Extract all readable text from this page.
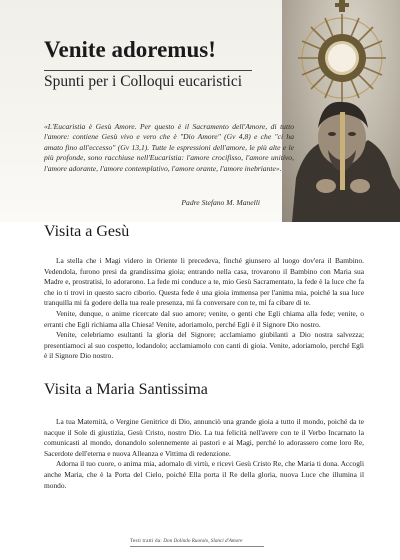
Venite adoremus!
Spunti per i Colloqui eucaristici
«L'Eucaristia è Gesù Amore. Per questo è il Sacramento dell'Amore, di tutto l'amore: contiene Gesù vivo e vero che è "Dio Amore" (Gv 4,8) e che "ci ha amato fino all'eccesso" (Gv 13,1). Tutte le espressioni dell'amore, le più alte e le più profonde, sono racchiuse nell'Eucaristia: l'amore crocifisso, l'amore unitivo, l'amore adorante, l'amore contemplativo, l'amore orante, l'amore inebriante».
Padre Stefano M. Manelli
Visita a Gesù

La stella che i Magi videro in Oriente li precedeva, finché giunsero al luogo dov'era il Bambino. Vedendola, furono presi da grandissima gioia; entrando nella casa, trovarono il Bambino con Maria sua Madre e, prostratisi, lo adorarono. La fede mi conduce a te, mio Gesù Sacramentato, la fede è la luce che fa che io ti trovi in questo sacro ciborio. Questa fede è una gioia immensa per l'anima mia, poiché la sua luce tranquilla mi fa godere della tua reale presenza, mi fa conversare con te, mi fa cibare di te.

Venite, dunque, o anime ricercate dal suo amore; venite, o genti che Egli chiama alla fede; venite, o erranti che Egli richiama alla Chiesa! Venite, adoriamolo, perché Egli è il Signore Dio nostro.

Venite, celebriamo esultanti la gloria del Signore; acclamiamo giubilanti a Dio nostra salvezza; presentiamoci al suo cospetto, lodandolo; acclamiamolo con canti di gioia. Venite, adoriamolo, perché Egli è il Signore Dio nostro.

Visita a Maria Santissima

La tua Maternità, o Vergine Genitrice di Dio, annunciò una grande gioia a tutto il mondo, poiché da te nacque il Sole di giustizia, Gesù Cristo, nostro Dio. La tua felicità nell'avere con te il Verbo Incarnato la comunicasti al mondo, donandolo solennemente ai pastori e ai Magi, perché lo adorassero come loro Re, Sacerdote dell'eterna e nuova Alleanza e Vittima di redenzione.

Adorna il tuo cuore, o anima mia, adornalo di virtù, e ricevi Gesù Cristo Re, che Maria ti dona. Accogli anche Maria, che è la Porta del Cielo, poiché Ella porta il Re della gloria, nuova Luce che illumina il mondo.

Testi tratti da: Don Dolindo Ruotolo, Slanci d'Amore
